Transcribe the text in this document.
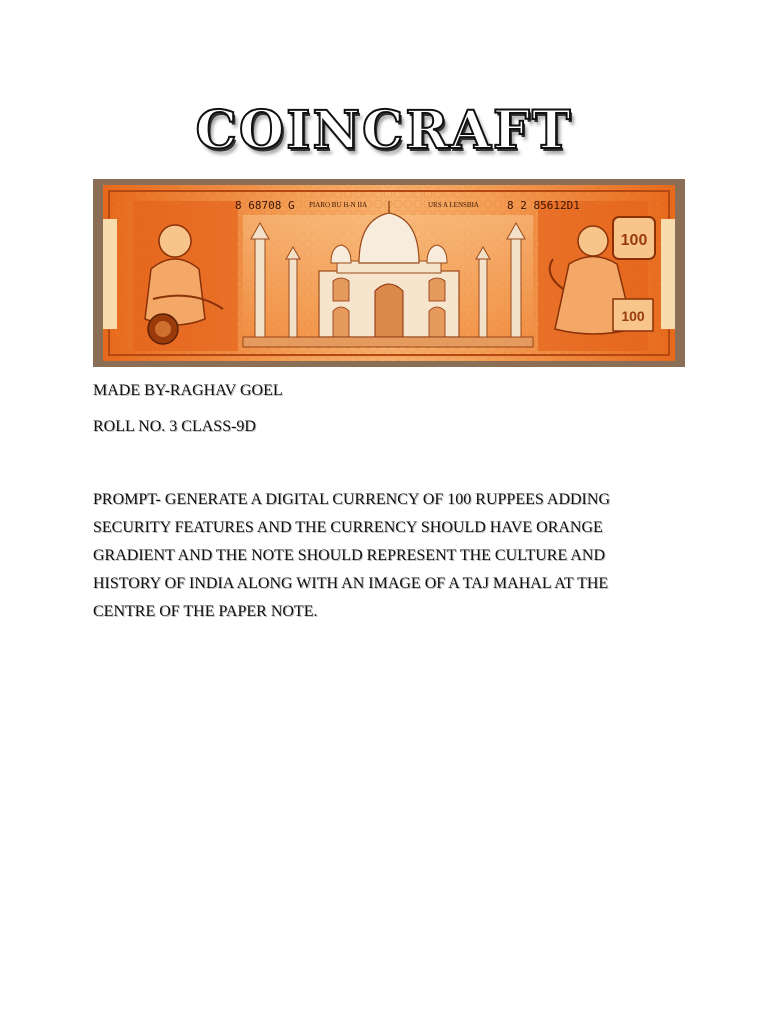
COINCRAFT
100
100
8 68708 G PIARO BU H-N IIA	URS A LENSBIA	8 2 85612D1

MADE BY-RAGHAV GOEL

ROLL NO. 3 CLASS-9D

PROMPT- GENERATE A DIGITAL CURRENCY OF 100 RUPPEES ADDING SECURITY FEATURES AND THE CURRENCY SHOULD HAVE ORANGE GRADIENT AND THE NOTE SHOULD REPRESENT THE CULTURE AND HISTORY OF INDIA ALONG WITH AN IMAGE OF A TAJ MAHAL AT THE CENTRE OF THE PAPER NOTE.
